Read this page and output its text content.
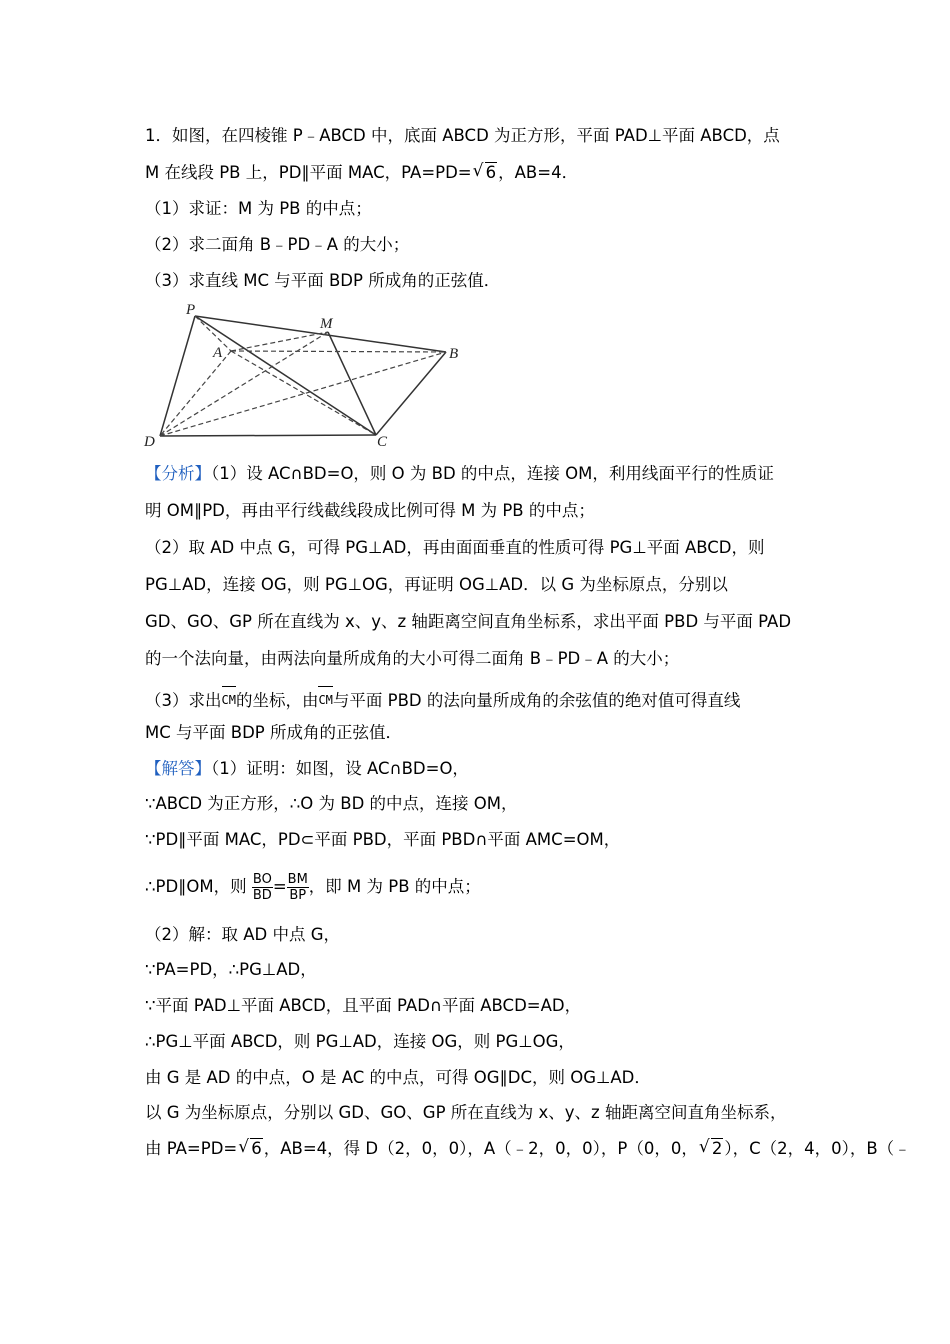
1．如图，在四棱锥 P﹣ABCD 中，底面 ABCD 为正方形，平面 PAD⊥平面 ABCD，点
M 在线段 PB 上，PD∥平面 MAC，PA=PD= √ 6 ，AB=4．
（1）求证：M 为 PB 的中点；
（2）求二面角 B﹣PD﹣A 的大小；
（3）求直线 MC 与平面 BDP 所成角的正弦值．
P
M
A	B
D	C
【分析】（1）设 AC∩BD=O，则 O 为 BD 的中点，连接 OM，利用线面平行的性质证
明 OM∥PD，再由平行线截线段成比例可得 M 为 PB 的中点；
（2）取 AD 中点 G，可得 PG⊥AD，再由面面垂直的性质可得 PG⊥平面 ABCD，则
PG⊥AD，连接 OG，则 PG⊥OG，再证明 OG⊥AD．以 G 为坐标原点，分别以
GD、GO、GP 所在直线为 x、y、z 轴距离空间直角坐标系，求出平面 PBD 与平面 PAD
的一个法向量，由两法向量所成角的大小可得二面角 B﹣PD﹣A 的大小；
（3）求出CM的坐标，由CM与平面 PBD 的法向量所成角的余弦值的绝对值可得直线
MC 与平面 BDP 所成角的正弦值．
【解答】（1）证明：如图，设 AC∩BD=O，
∵ABCD 为正方形，∴O 为 BD 的中点，连接 OM，
∵PD∥平面 MAC，PD⊂平面 PBD，平面 PBD∩平面 AMC=OM，
∴PD∥OM，则 $\frac{BO}{BD} = \frac{BM}{BP}$ ，即 M 为 PB 的中点；
（2）解：取 AD 中点 G，
∵PA=PD，∴PG⊥AD，
∵平面 PAD⊥平面 ABCD，且平面 PAD∩平面 ABCD=AD，
∴PG⊥平面 ABCD，则 PG⊥AD，连接 OG，则 PG⊥OG，
由 G 是 AD 的中点，O 是 AC 的中点，可得 OG∥DC，则 OG⊥AD．
以 G 为坐标原点，分别以 GD、GO、GP 所在直线为 x、y、z 轴距离空间直角坐标系，
由 PA=PD= √ 6 ，AB=4，得 D（2，0，0），A（﹣2，0，0），P（0，0， √ 2 ），C（2，4，0），B（﹣
